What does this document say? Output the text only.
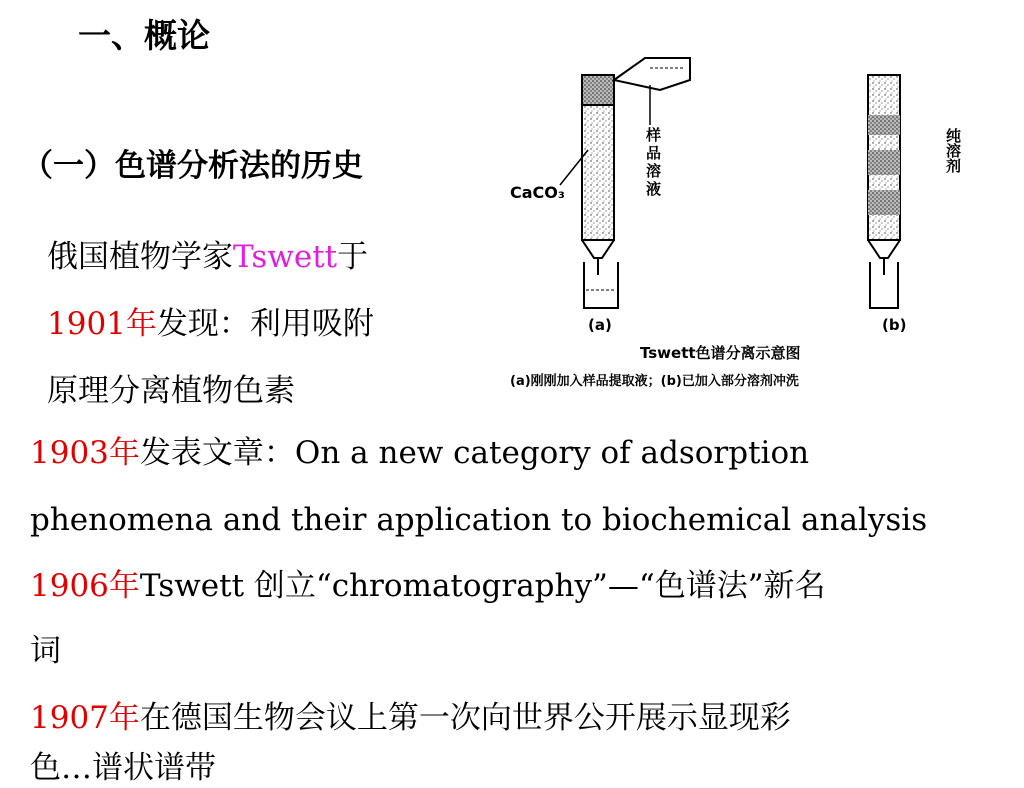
一、概论
（一）色谱分析法的历史
俄国植物学家Tswett于
1901年发现：利用吸附
原理分离植物色素
1903年发表文章：On a new category of adsorption
phenomena and their application to biochemical analysis
1906年Tswett 创立“chromatography”—“色谱法”新名
词
1907年在德国生物会议上第一次向世界公开展示显现彩
色…谱状谱带
CaCO₃
样
品
溶
液
(a)	(b)
Tswett色谱分离示意图
(a)刚刚加入样品提取液；(b)已加入部分溶剂冲洗
纯溶剂
